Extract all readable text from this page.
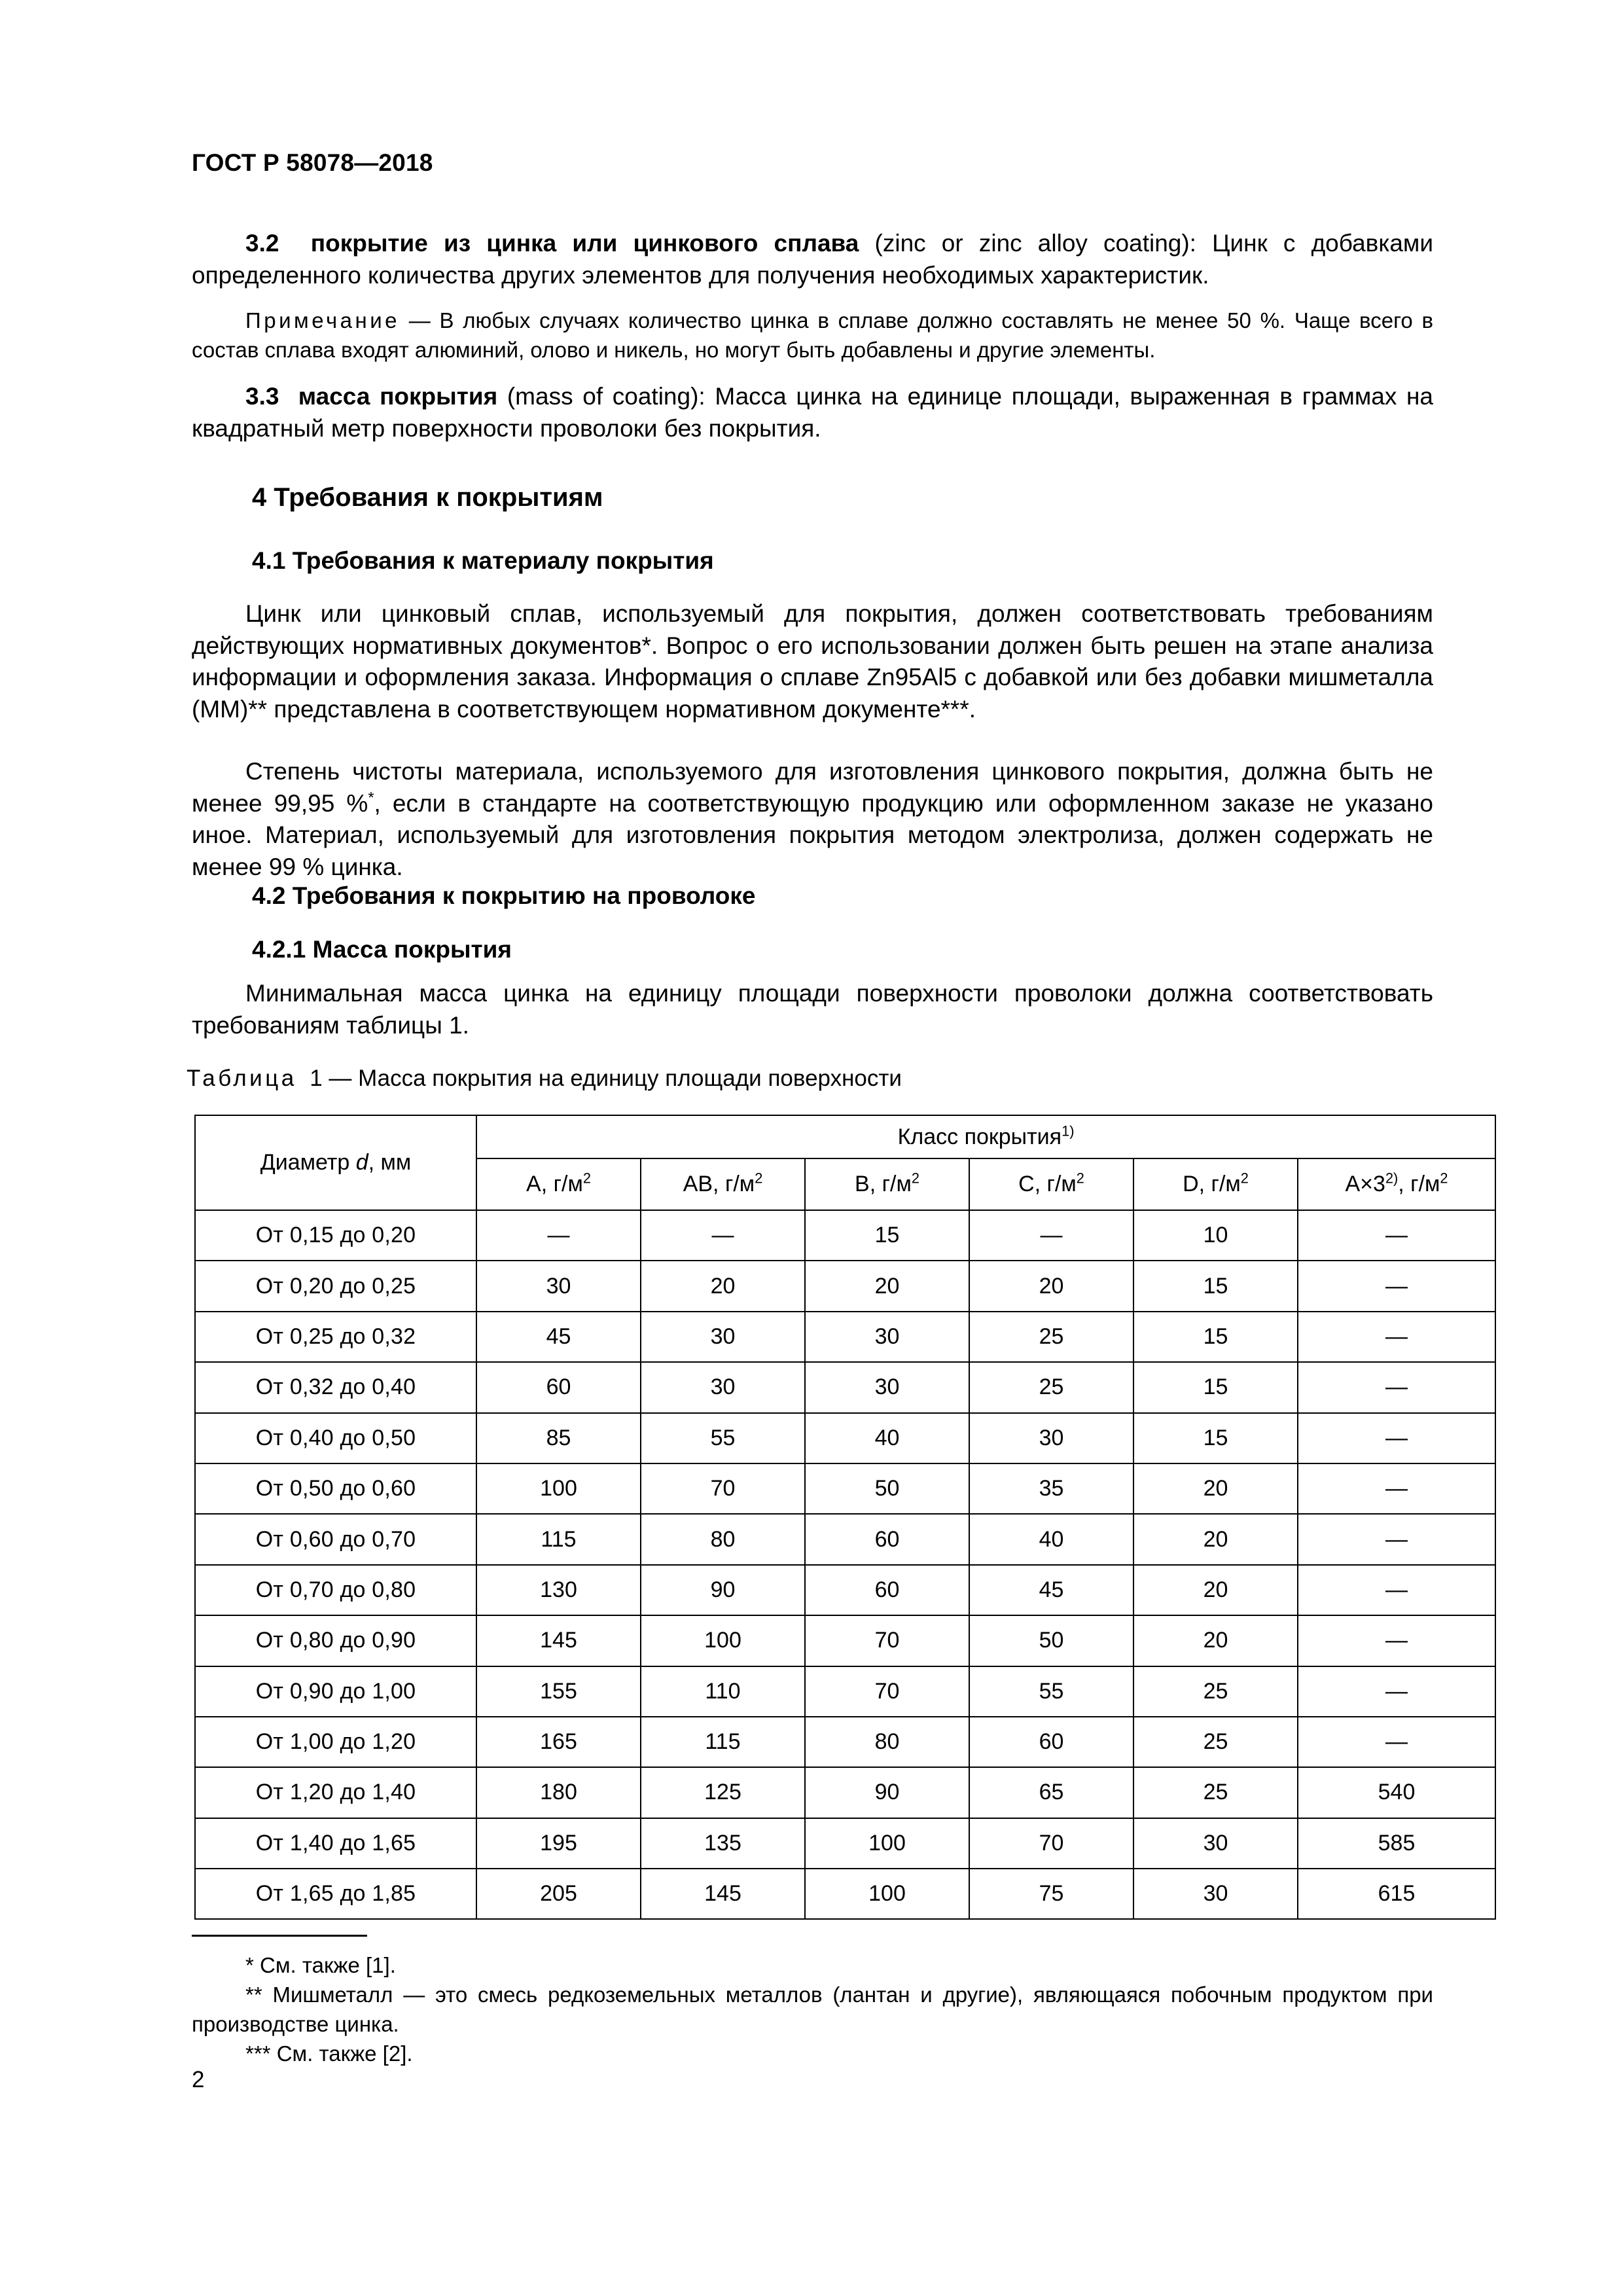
ГОСТ Р 58078—2018
3.2 покрытие из цинка или цинкового сплава (zinc or zinc alloy coating): Цинк с добавками определенного количества других элементов для получения необходимых характеристик.
Примечание — В любых случаях количество цинка в сплаве должно составлять не менее 50 %. Чаще всего в состав сплава входят алюминий, олово и никель, но могут быть добавлены и другие элементы.
3.3 масса покрытия (mass of coating): Масса цинка на единице площади, выраженная в граммах на квадратный метр поверхности проволоки без покрытия.
4 Требования к покрытиям
4.1 Требования к материалу покрытия
Цинк или цинковый сплав, используемый для покрытия, должен соответствовать требованиям действующих нормативных документов*. Вопрос о его использовании должен быть решен на этапе анализа информации и оформления заказа. Информация о сплаве Zn95Al5 с добавкой или без добавки мишметалла (ММ)** представлена в соответствующем нормативном документе***.
Степень чистоты материала, используемого для изготовления цинкового покрытия, должна быть не менее 99,95 %*, если в стандарте на соответствующую продукцию или оформленном заказе не указано иное. Материал, используемый для изготовления покрытия методом электролиза, должен содержать не менее 99 % цинка.
4.2 Требования к покрытию на проволоке
4.2.1 Масса покрытия
Минимальная масса цинка на единицу площади поверхности проволоки должна соответствовать требованиям таблицы 1.
Таблица 1 — Масса покрытия на единицу площади поверхности
Диаметр d, мм	Класс покрытия$^{1)}$
	A, $г/м^2$	AB, $г/м^2$	B, $г/м^2$	C, $г/м^2$	D, $г/м^2$	$A\times 3^{2)}$, $г/м^2$
От 0,15 до 0,20	—	—	15	—	10	—
От 0,20 до 0,25	30	20	20	20	15	—
От 0,25 до 0,32	45	30	30	25	15	—
От 0,32 до 0,40	60	30	30	25	15	—
От 0,40 до 0,50	85	55	40	30	15	—
От 0,50 до 0,60	100	70	50	35	20	—
От 0,60 до 0,70	115	80	60	40	20	—
От 0,70 до 0,80	130	90	60	45	20	—
От 0,80 до 0,90	145	100	70	50	20	—
От 0,90 до 1,00	155	110	70	55	25	—
От 1,00 до 1,20	165	115	80	60	25	—
От 1,20 до 1,40	180	125	90	65	25	540
От 1,40 до 1,65	195	135	100	70	30	585
От 1,65 до 1,85	205	145	100	75	30	615

* См. также [1].

** Мишметалл — это смесь редкоземельных металлов (лантан и другие), являющаяся побочным продуктом при производстве цинка.

*** См. также [2].

2
